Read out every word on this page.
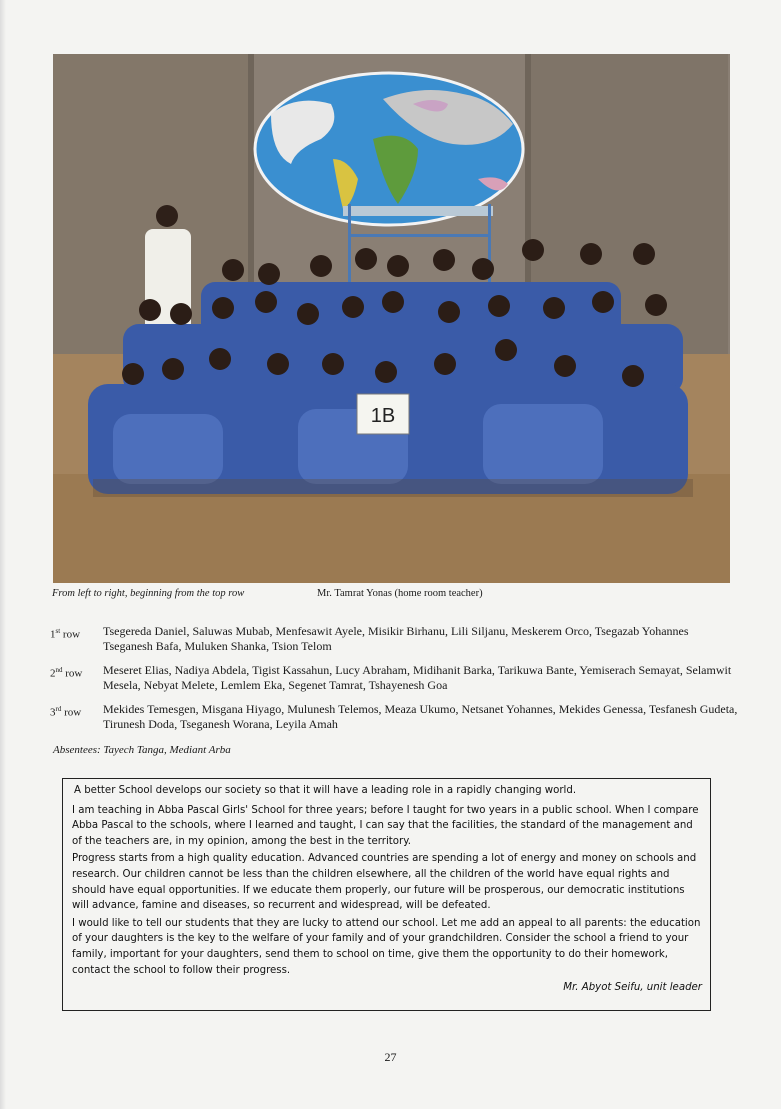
1B
From left to right, beginning from the top row	Mr. Tamrat Yonas (home room teacher)
1st row	Tsegereda Daniel, Saluwas Mubab, Menfesawit Ayele, Misikir Birhanu, Lili Siljanu, Meskerem Orco, Tsegazab Yohannes Tseganesh Bafa, Muluken Shanka, Tsion Telom
2nd row	Meseret Elias, Nadiya Abdela, Tigist Kassahun, Lucy Abraham, Midihanit Barka, Tarikuwa Bante, Yemiserach Semayat, Selamwit Mesela, Nebyat Melete, Lemlem Eka, Segenet Tamrat, Tshayenesh Goa
3rd row	Mekides Temesgen, Misgana Hiyago, Mulunesh Telemos, Meaza Ukumo, Netsanet Yohannes, Mekides Genessa, Tesfanesh Gudeta, Tirunesh Doda, Tseganesh Worana, Leyila Amah
Absentees: Tayech Tanga, Mediant Arba

A better School develops our society so that it will have a leading role in a rapidly changing world.

I am teaching in Abba Pascal Girls' School for three years; before I taught for two years in a public school. When I compare Abba Pascal to the schools, where I learned and taught, I can say that the facilities, the standard of the management and of the teachers are, in my opinion, among the best in the territory.

Progress starts from a high quality education. Advanced countries are spending a lot of energy and money on schools and research. Our children cannot be less than the children elsewhere, all the children of the world have equal rights and should have equal opportunities. If we educate them properly, our future will be prosperous, our democratic institutions will advance, famine and diseases, so recurrent and widespread, will be defeated.

I would like to tell our students that they are lucky to attend our school. Let me add an appeal to all parents: the education of your daughters is the key to the welfare of your family and of your grandchildren. Consider the school a friend to your family, important for your daughters, send them to school on time, give them the opportunity to do their homework, contact the school to follow their progress.

Mr. Abyot Seifu, unit leader
27
